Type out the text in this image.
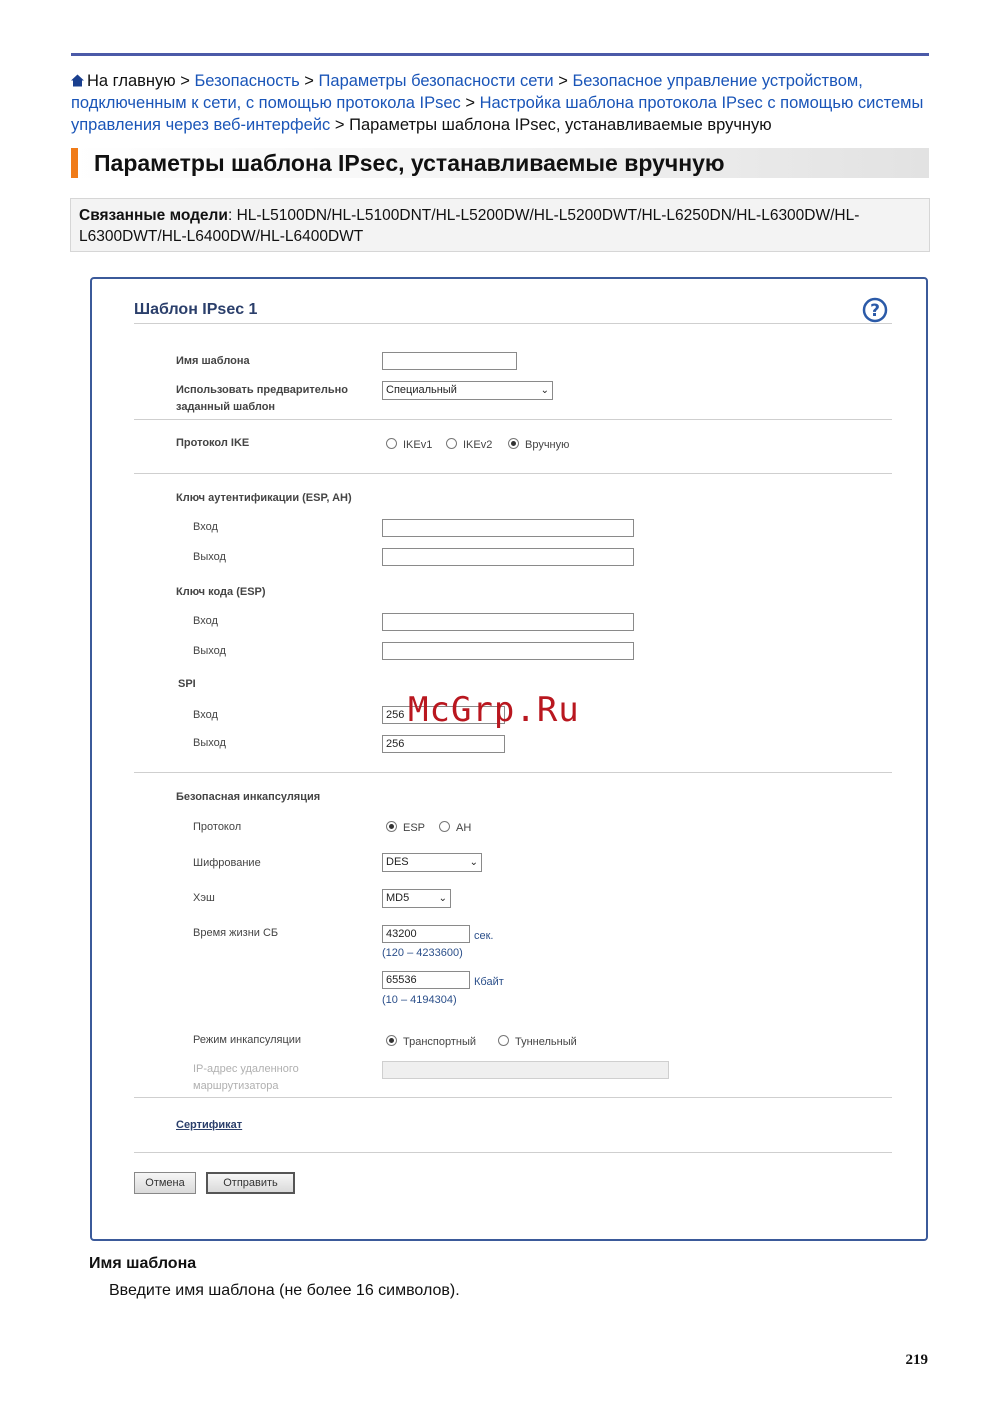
На главную > Безопасность > Параметры безопасности сети > Безопасное управление устройством, подключенным к сети, с помощью протокола IPsec > Настройка шаблона протокола IPsec с помощью системы управления через веб-интерфейс > Параметры шаблона IPsec, устанавливаемые вручную
Параметры шаблона IPsec, устанавливаемые вручную
Связанные модели: HL-L5100DN/HL-L5100DNT/HL-L5200DW/HL-L5200DWT/HL-L6250DN/HL-L6300DW/HL-L6300DWT/HL-L6400DW/HL-L6400DWT
Шаблон IPsec 1	?
Имя шаблона
Использовать предварительно
заданный шаблон
Специальный	⌄
Протокол IKE	IKEv1	IKEv2	Вручную
Ключ аутентификации (ESP, AH)
Вход
Выход
Ключ кода (ESP)
Вход
Выход
SPI
Вход	256
Выход	256
Безопасная инкапсуляция
Протокол	ESP	AH
Шифрование	DES	⌄
Хэш	MD5	⌄
Время жизни СБ	43200	сек.
(120 – 4233600)
65536	Кбайт
(10 – 4194304)
Режим инкапсуляции	Транспортный	Туннельный
IP-адрес удаленного
маршрутизатора
Сертификат
Отмена	Отправить
McGrp.Ru
Имя шаблона
Введите имя шаблона (не более 16 символов).
219
